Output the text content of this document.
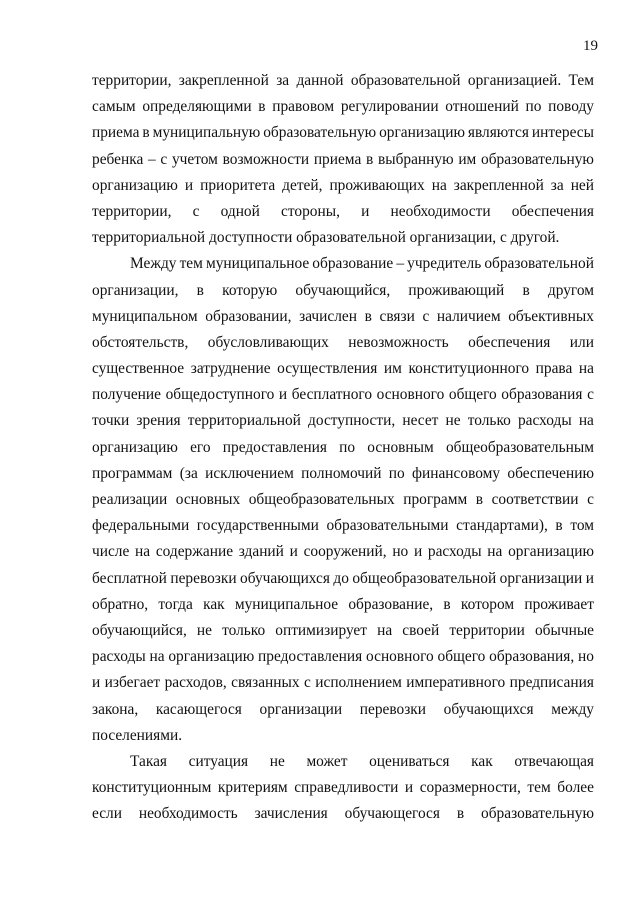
19
территории, закрепленной за данной образовательной организацией. Тем
самым определяющими в правовом регулировании отношений по поводу
приема в муниципальную образовательную организацию являются интересы
ребенка – с учетом возможности приема в выбранную им образовательную
организацию и приоритета детей, проживающих на закрепленной за ней
территории, с одной стороны, и необходимости обеспечения
территориальной доступности образовательной организации, с другой.
Между тем муниципальное образование – учредитель образовательной
организации, в которую обучающийся, проживающий в другом
муниципальном образовании, зачислен в связи с наличием объективных
обстоятельств, обусловливающих невозможность обеспечения или
существенное затруднение осуществления им конституционного права на
получение общедоступного и бесплатного основного общего образования с
точки зрения территориальной доступности, несет не только расходы на
организацию его предоставления по основным общеобразовательным
программам (за исключением полномочий по финансовому обеспечению
реализации основных общеобразовательных программ в соответствии с
федеральными государственными образовательными стандартами), в том
числе на содержание зданий и сооружений, но и расходы на организацию
бесплатной перевозки обучающихся до общеобразовательной организации и
обратно, тогда как муниципальное образование, в котором проживает
обучающийся, не только оптимизирует на своей территории обычные
расходы на организацию предоставления основного общего образования, но
и избегает расходов, связанных с исполнением императивного предписания
закона, касающегося организации перевозки обучающихся между
поселениями.
Такая ситуация не может оцениваться как отвечающая
конституционным критериям справедливости и соразмерности, тем более
если необходимость зачисления обучающегося в образовательную
